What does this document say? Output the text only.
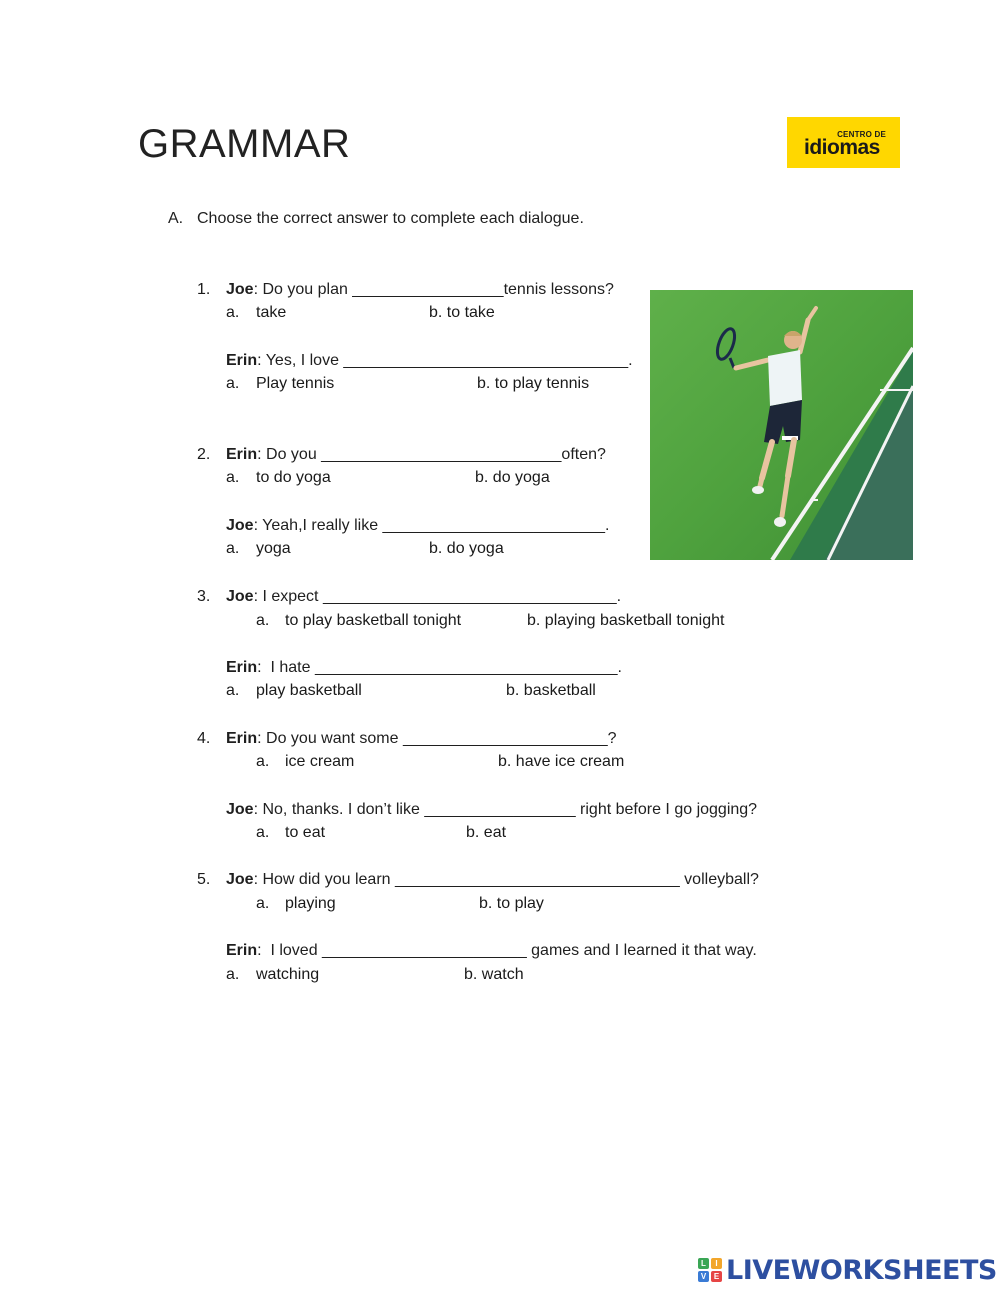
GRAMMAR	CENTRO DE
idiomas
A. Choose the correct answer to complete each dialogue.
1. Joe: Do you plan _________________tennis lessons?
a. take	b. to take
Erin: Yes, I love ________________________________.
a. Play tennis	b. to play tennis
2. Erin: Do you ___________________________often?
a. to do yoga	b. do yoga
Joe: Yeah,I really like _________________________.
a. yoga	b. do yoga
3. Joe: I expect _________________________________.
a. to play basketball tonight	b. playing basketball tonight
Erin:  I hate __________________________________.
a. play basketball	b. basketball
4. Erin: Do you want some _______________________?
a. ice cream	b. have ice cream
Joe: No, thanks. I don’t like _________________ right before I go jogging?
a. to eat	b. eat
5. Joe: How did you learn ________________________________ volleyball?
a. playing	b. to play
Erin:  I loved _______________________ games and I learned it that way.
a. watching	b. watch
L	I
V E LIVEWORKSHEETS
